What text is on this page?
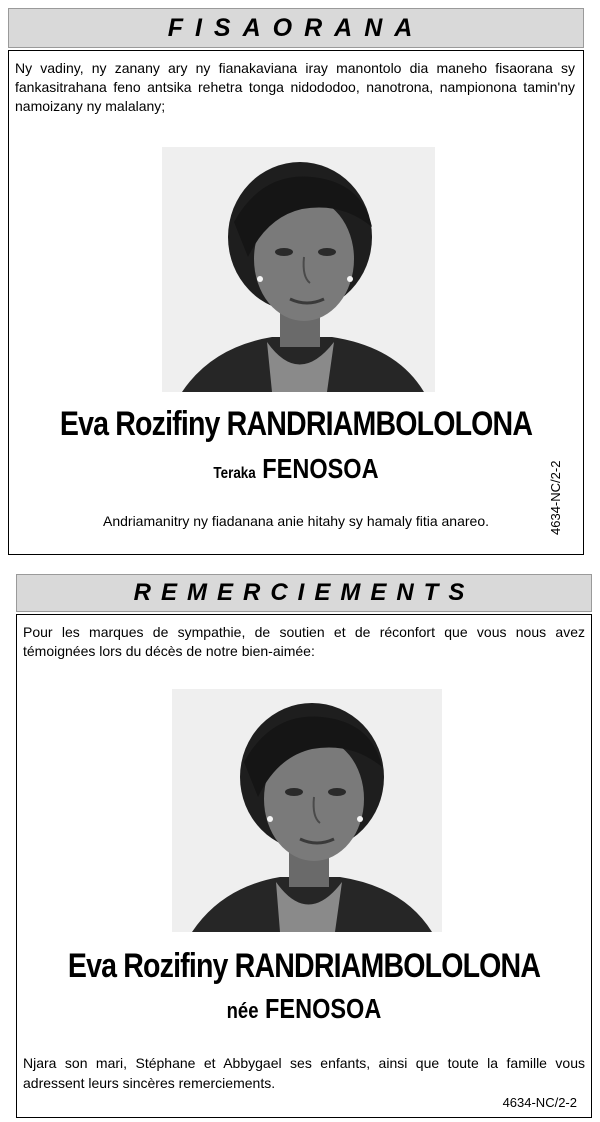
FISAORANA
Ny vadiny, ny zanany ary ny fianakaviana iray manontolo dia maneho fisaorana sy fankasitrahana feno antsika rehetra tonga nidododoo, nanotrona, nampionona tamin'ny namoizany ny malalany;
Eva Rozifiny RANDRIAMBOLOLONA
Teraka FENOSOA
Andriamanitry ny fiadanana anie hitahy sy hamaly fitia anareo.	4634-NC/2-2
REMERCIEMENTS
Pour les marques de sympathie, de soutien et de réconfort que vous nous avez témoignées lors du décès de notre bien-aimée:
Eva Rozifiny RANDRIAMBOLOLONA
née FENOSOA
Njara son mari, Stéphane et Abbygael ses enfants, ainsi que toute la famille vous adressent leurs sincères remerciements.
4634-NC/2-2
